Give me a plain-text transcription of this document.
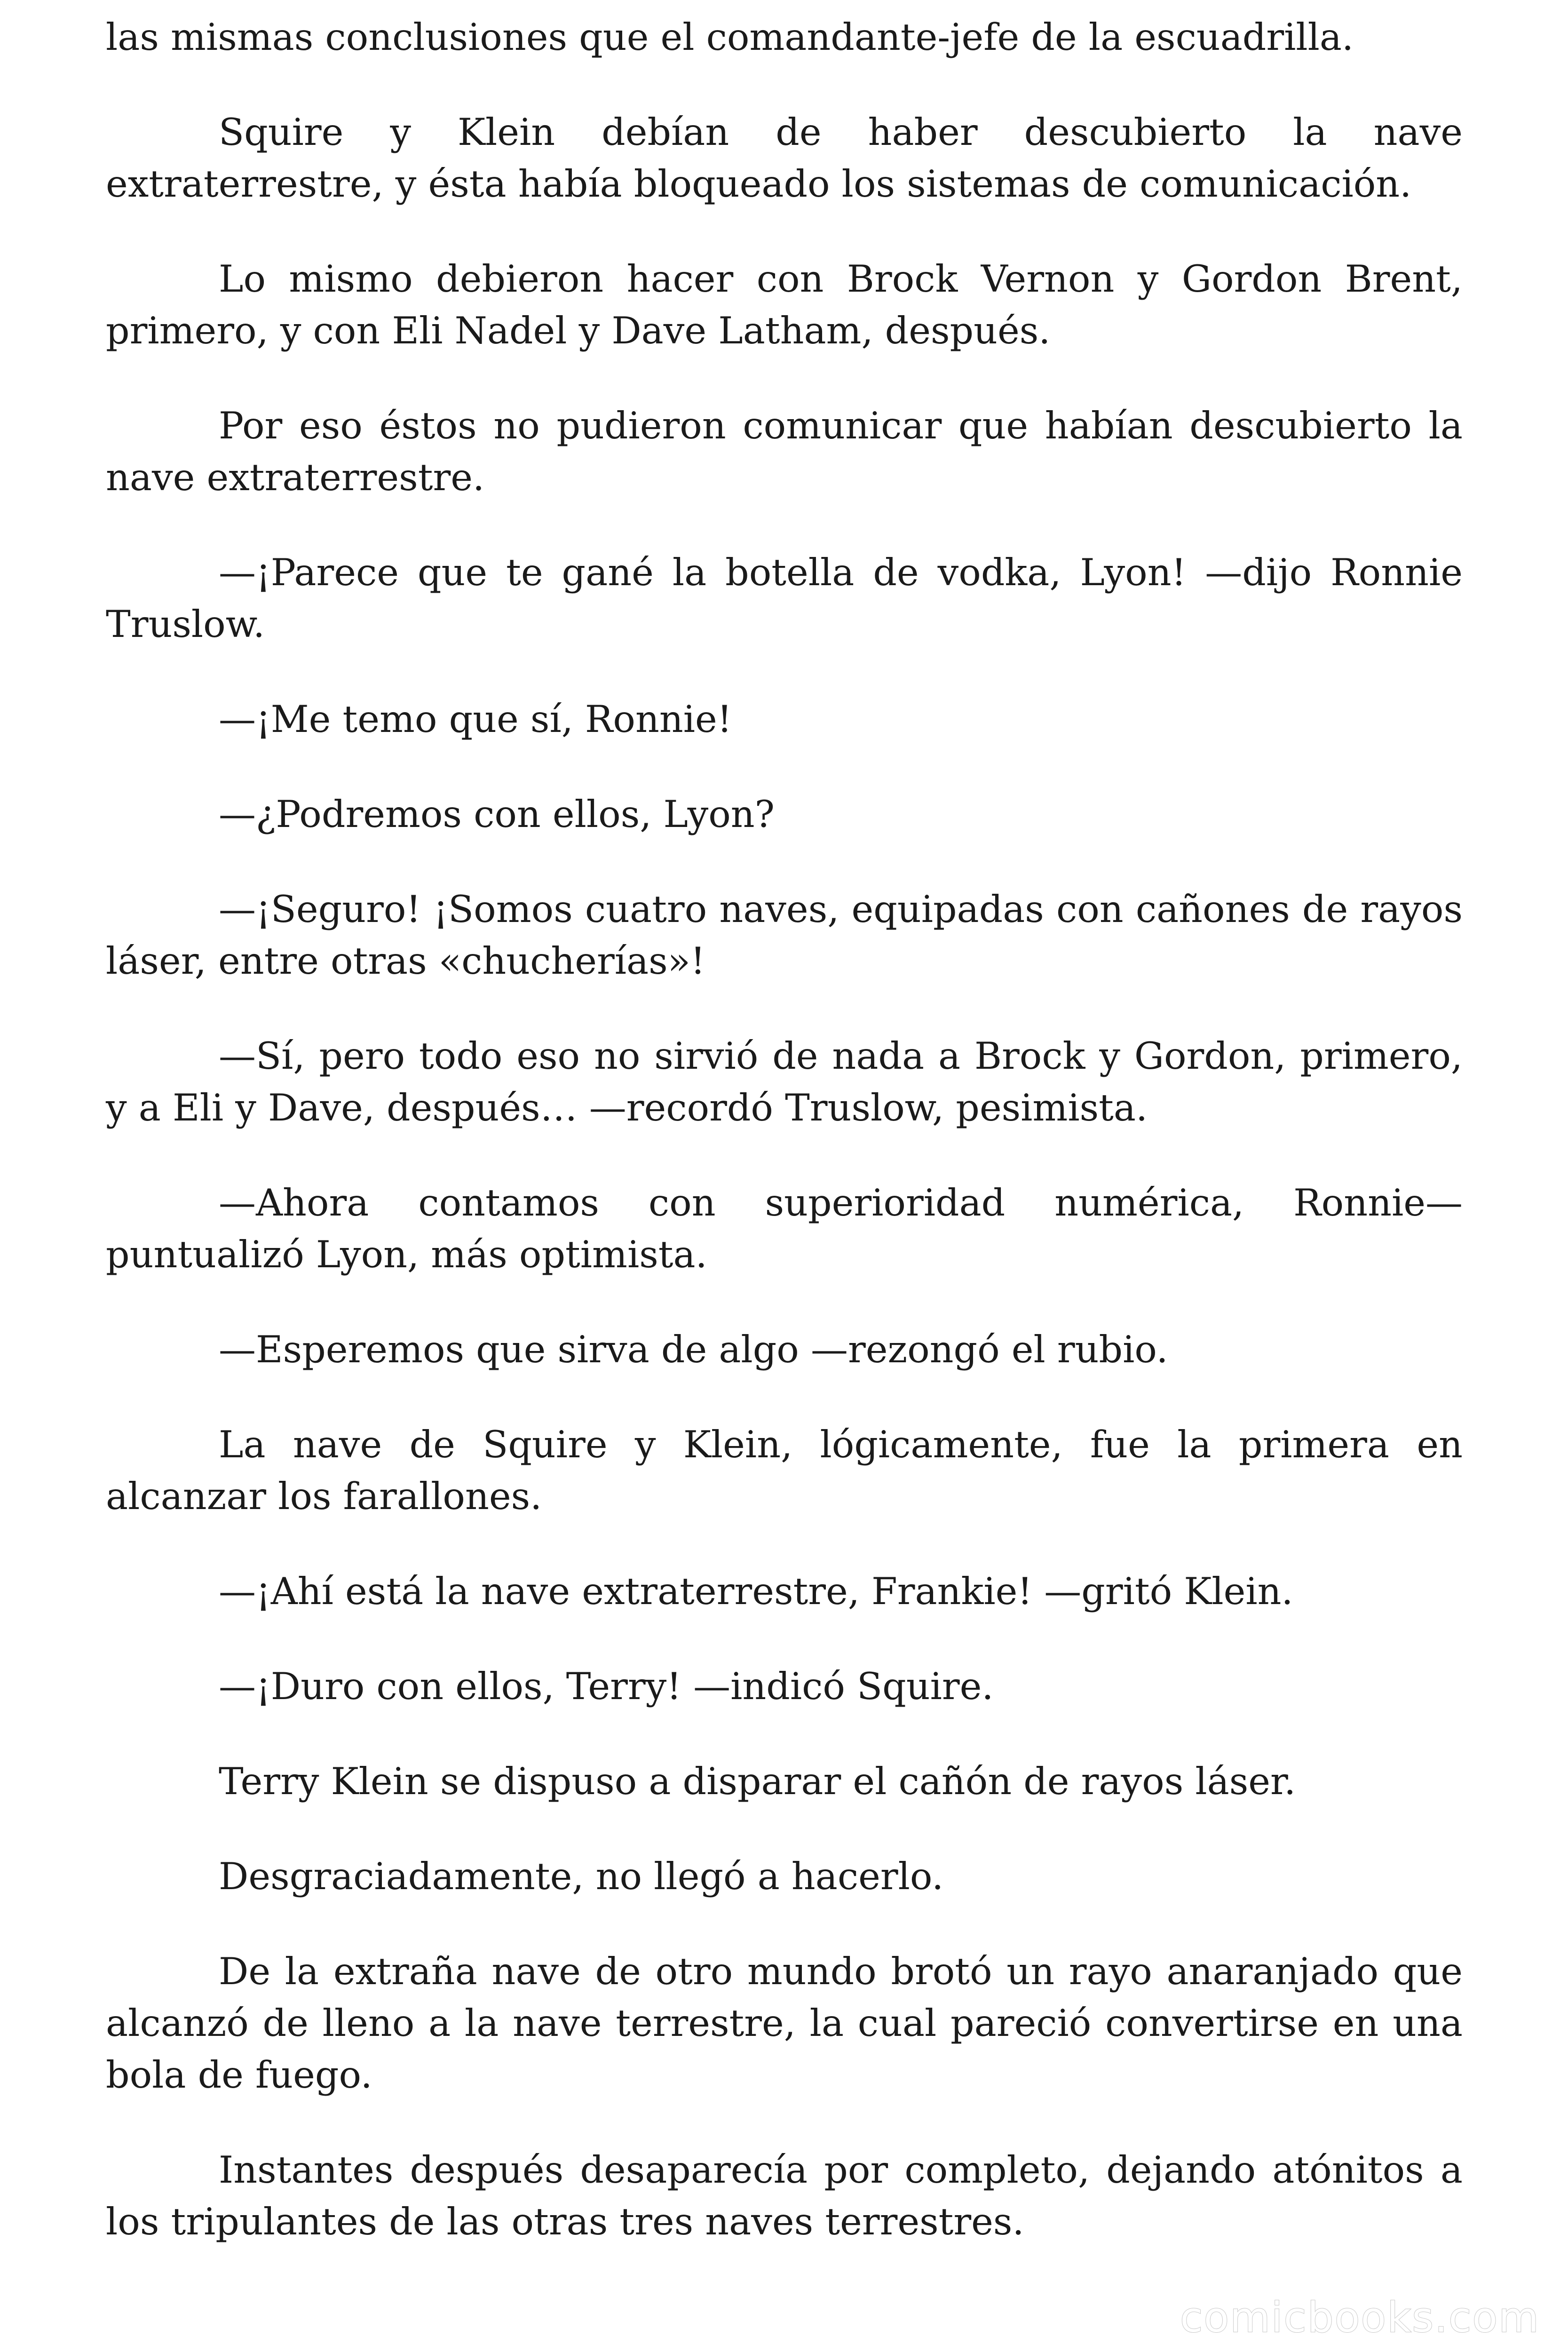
las mismas conclusiones que el comandante-jefe de la escuadrilla.

Squire y Klein debían de haber descubierto la nave extraterrestre, y ésta había bloqueado los sistemas de comunicación.

Lo mismo debieron hacer con Brock Vernon y Gordon Brent, primero, y con Eli Nadel y Dave Latham, después.

Por eso éstos no pudieron comunicar que habían descubierto la nave extraterrestre.

—¡Parece que te gané la botella de vodka, Lyon! —dijo Ronnie Truslow.

—¡Me temo que sí, Ronnie!

—¿Podremos con ellos, Lyon?

—¡Seguro! ¡Somos cuatro naves, equipadas con cañones de rayos láser, entre otras «chucherías»!

—Sí, pero todo eso no sirvió de nada a Brock y Gordon, primero, y a Eli y Dave, después… —recordó Truslow, pesimista.

—Ahora contamos con superioridad numérica, Ronnie— puntualizó Lyon, más optimista.

—Esperemos que sirva de algo —rezongó el rubio.

La nave de Squire y Klein, lógicamente, fue la primera en alcanzar los farallones.

—¡Ahí está la nave extraterrestre, Frankie! —gritó Klein.

—¡Duro con ellos, Terry! —indicó Squire.

Terry Klein se dispuso a disparar el cañón de rayos láser.

Desgraciadamente, no llegó a hacerlo.

De la extraña nave de otro mundo brotó un rayo anaranjado que alcanzó de lleno a la nave terrestre, la cual pareció convertirse en una bola de fuego.

Instantes después desaparecía por completo, dejando atónitos a los tripulantes de las otras tres naves terrestres.

comicbooks.com
